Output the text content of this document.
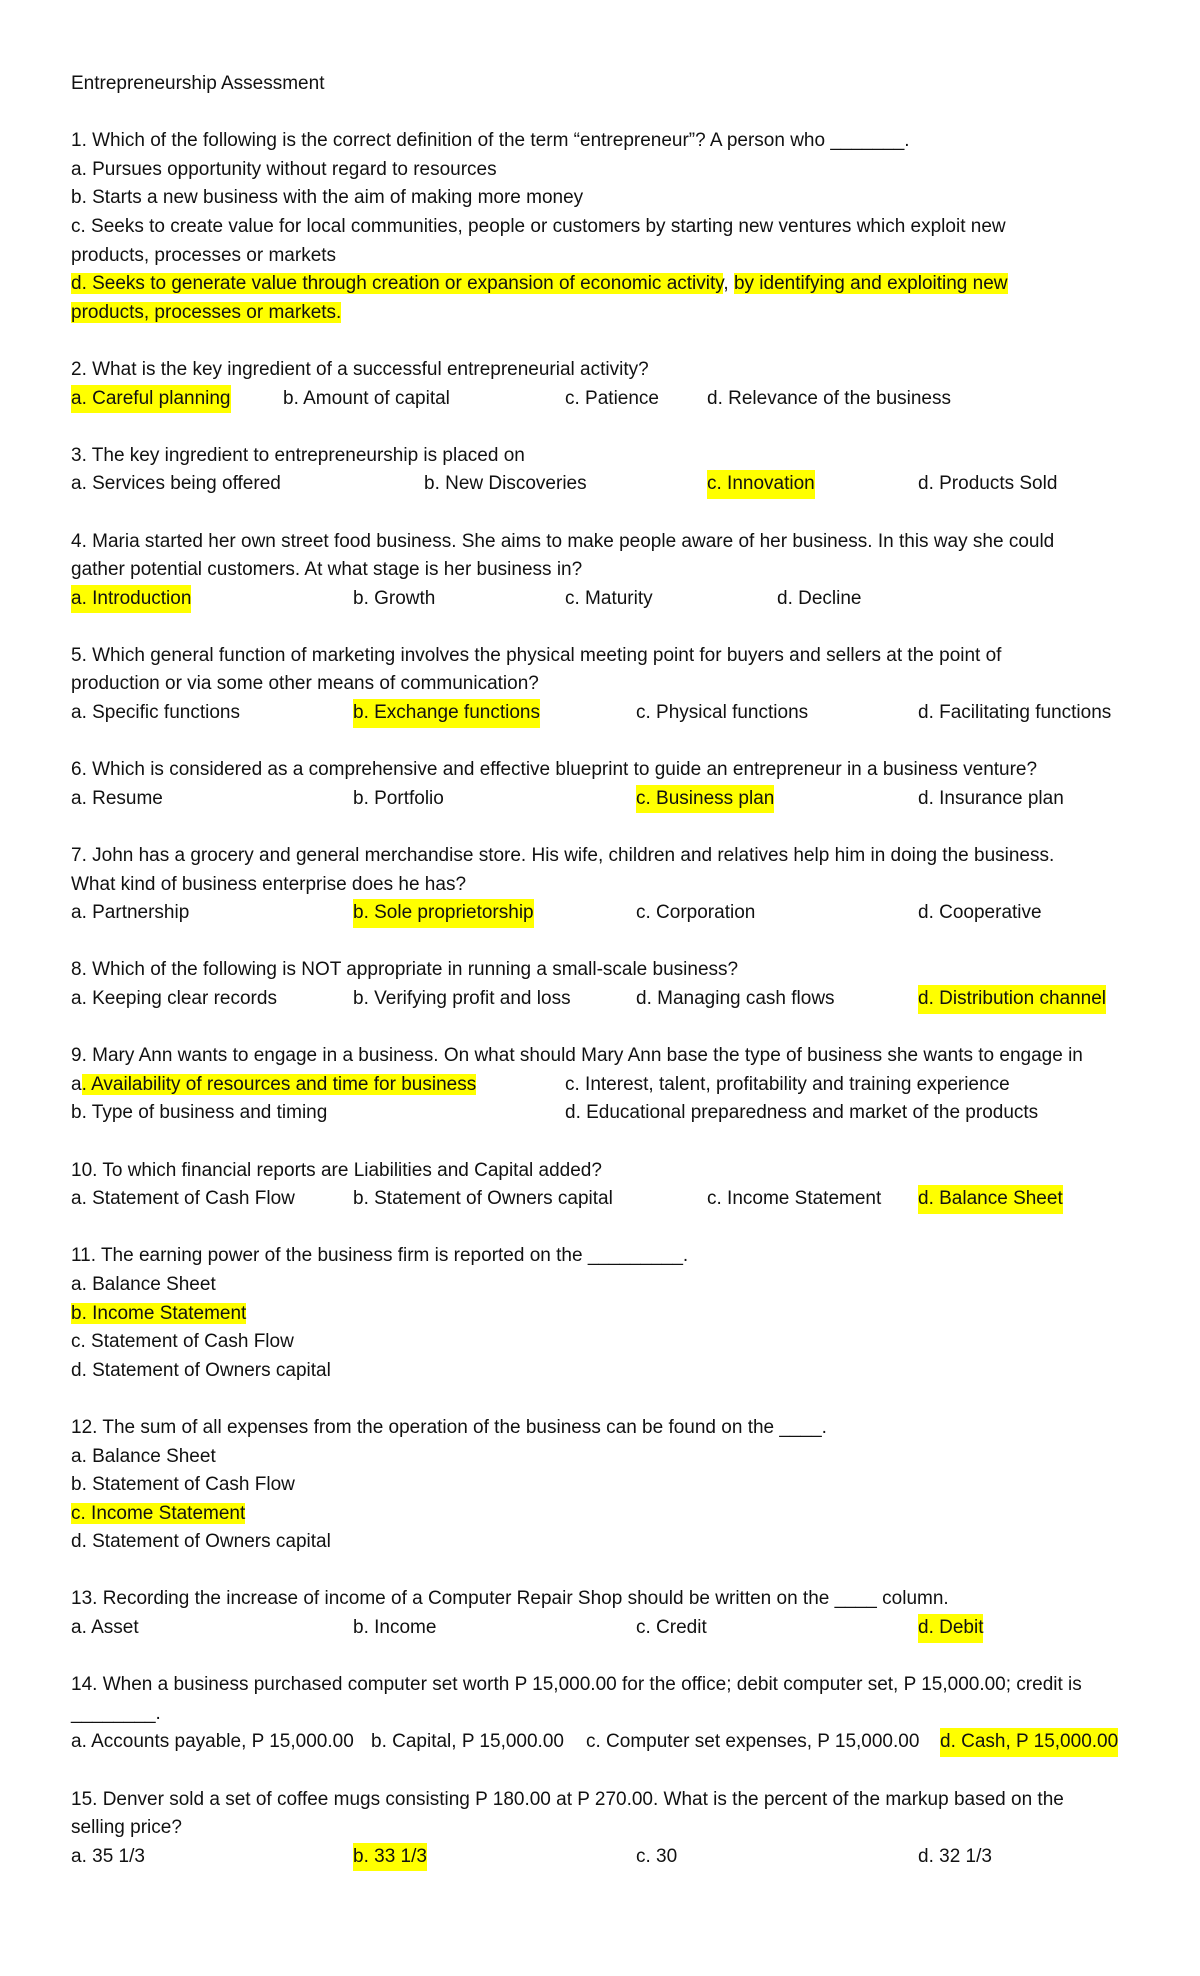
Entrepreneurship Assessment
1. Which of the following is the correct definition of the term “entrepreneur”? A person who _______.
a. Pursues opportunity without regard to resources
b. Starts a new business with the aim of making more money
c. Seeks to create value for local communities, people or customers by starting new ventures which exploit new
products, processes or markets
d. Seeks to generate value through creation or expansion of economic activity, by identifying and exploiting new
products, processes or markets.
2. What is the key ingredient of a successful entrepreneurial activity?
a. Careful planning	b. Amount of capital	c. Patience	d. Relevance of the business
3. The key ingredient to entrepreneurship is placed on
a. Services being offered	b. New Discoveries	c. Innovation	d. Products Sold
4. Maria started her own street food business. She aims to make people aware of her business. In this way she could
gather potential customers. At what stage is her business in?
a. Introduction	b. Growth	c. Maturity	d. Decline
5. Which general function of marketing involves the physical meeting point for buyers and sellers at the point of
production or via some other means of communication?
a. Specific functions	b. Exchange functions	c. Physical functions	d. Facilitating functions
6. Which is considered as a comprehensive and effective blueprint to guide an entrepreneur in a business venture?
a. Resume	b. Portfolio	c. Business plan	d. Insurance plan
7. John has a grocery and general merchandise store. His wife, children and relatives help him in doing the business.
What kind of business enterprise does he has?
a. Partnership	b. Sole proprietorship	c. Corporation	d. Cooperative
8. Which of the following is NOT appropriate in running a small-scale business?
a. Keeping clear records	b. Verifying profit and loss	d. Managing cash flows	d. Distribution channel
9. Mary Ann wants to engage in a business. On what should Mary Ann base the type of business she wants to engage in
a. Availability of resources and time for business	c. Interest, talent, profitability and training experience
b. Type of business and timing	d. Educational preparedness and market of the products
10. To which financial reports are Liabilities and Capital added?
a. Statement of Cash Flow	b. Statement of Owners capital	c. Income Statement d. Balance Sheet
11. The earning power of the business firm is reported on the _________.
a. Balance Sheet
b. Income Statement
c. Statement of Cash Flow
d. Statement of Owners capital
12. The sum of all expenses from the operation of the business can be found on the ____.
a. Balance Sheet
b. Statement of Cash Flow
c. Income Statement
d. Statement of Owners capital
13. Recording the increase of income of a Computer Repair Shop should be written on the ____ column.
a. Asset	b. Income	c. Credit	d. Debit
14. When a business purchased computer set worth P 15,000.00 for the office; debit computer set, P 15,000.00; credit is
________.
a. Accounts payable, P 15,000.00 b. Capital, P 15,000.00 c. Computer set expenses, P 15,000.00 d. Cash, P 15,000.00
15. Denver sold a set of coffee mugs consisting P 180.00 at P 270.00. What is the percent of the markup based on the
selling price?
a. 35 1/3	b. 33 1/3	c. 30	d. 32 1/3
